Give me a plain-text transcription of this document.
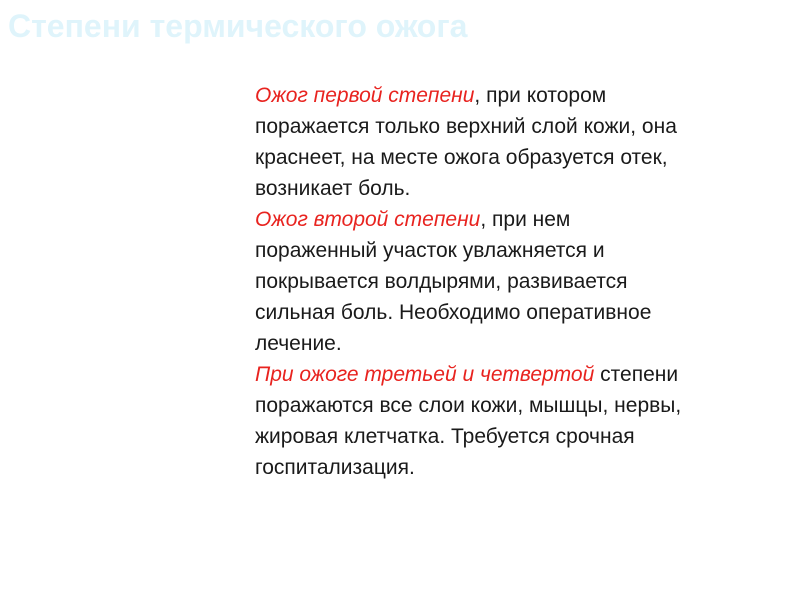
Степени термического ожога

Ожог первой степени, при котором
поражается только верхний слой кожи, она
краснеет, на месте ожога образуется отек,
возникает боль.

Ожог второй степени, при нем
пораженный участок увлажняется и
покрывается волдырями, развивается
сильная боль. Необходимо оперативное
лечение.

При ожоге третьей и четвертой степени
поражаются все слои кожи, мышцы, нервы,
жировая клетчатка. Требуется срочная
госпитализация.
